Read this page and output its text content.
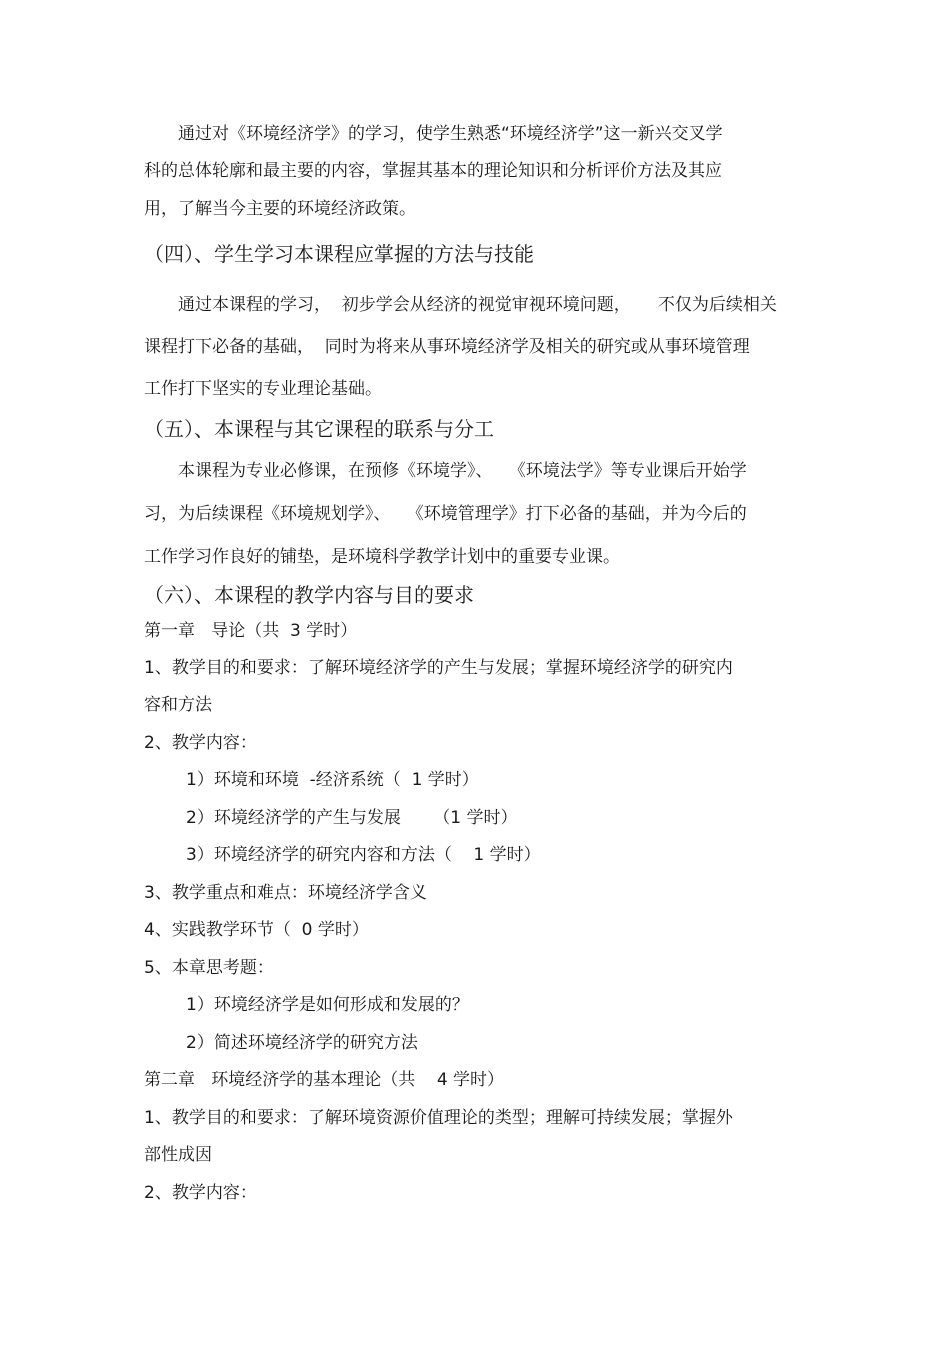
通过对《环境经济学》的学习，使学生熟悉“环境经济学”这一新兴交叉学
科的总体轮廓和最主要的内容，掌握其基本的理论知识和分析评价方法及其应
用，了解当今主要的环境经济政策。
（四）、学生学习本课程应掌握的方法与技能
通过本课程的学习，  初步学会从经济的视觉审视环境问题，     不仅为后续相关
课程打下必备的基础，  同时为将来从事环境经济学及相关的研究或从事环境管理
工作打下坚实的专业理论基础。
（五）、本课程与其它课程的联系与分工
本课程为专业必修课，在预修《环境学》、   《环境法学》等专业课后开始学
习，为后续课程《环境规划学》、   《环境管理学》打下必备的基础，并为今后的
工作学习作良好的铺垫，是环境科学教学计划中的重要专业课。
（六）、本课程的教学内容与目的要求
第一章   导论（共  3 学时）
1、教学目的和要求：了解环境经济学的产生与发展；掌握环境经济学的研究内
容和方法
2、教学内容：
1）环境和环境  -经济系统（  1 学时）
2）环境经济学的产生与发展      （1 学时）
3）环境经济学的研究内容和方法（    1 学时）
3、教学重点和难点：环境经济学含义
4、实践教学环节（  0 学时）
5、本章思考题：
1）环境经济学是如何形成和发展的？
2）简述环境经济学的研究方法
第二章   环境经济学的基本理论（共    4 学时）
1、教学目的和要求：了解环境资源价值理论的类型；理解可持续发展；掌握外
部性成因
2、教学内容：
